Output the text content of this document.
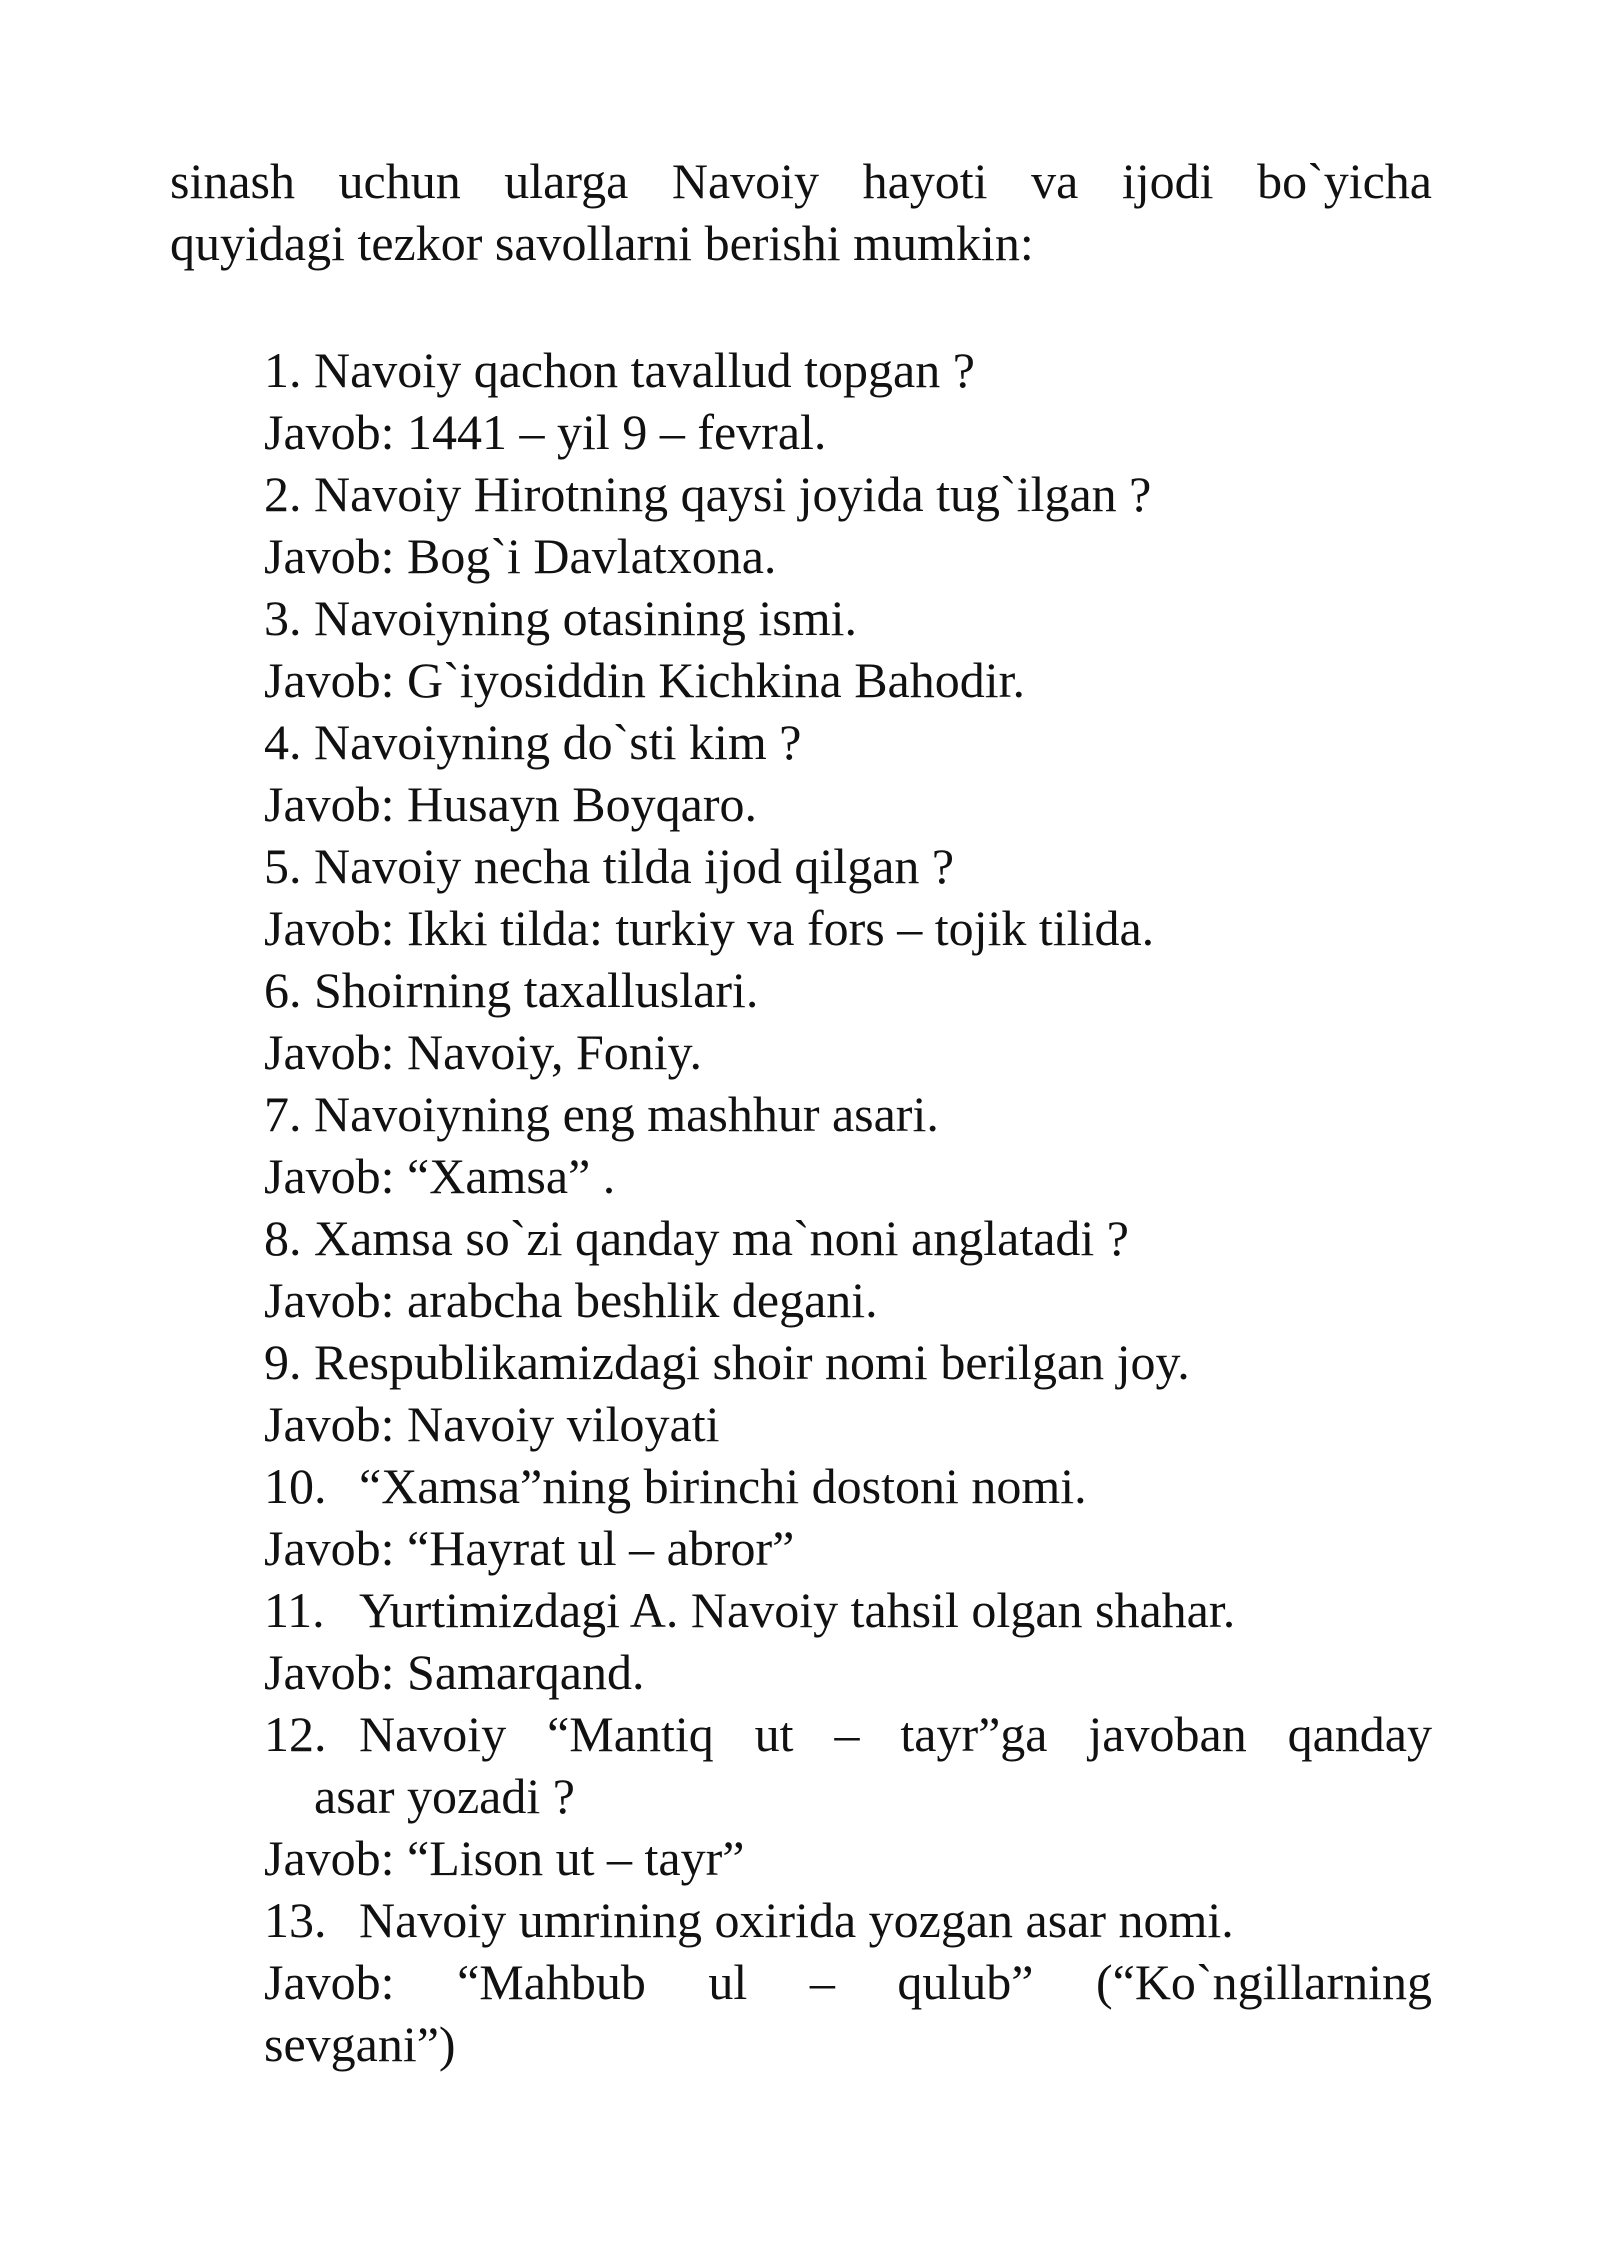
sinash uchun ularga Navoiy hayoti va ijodi bo`yicha
quyidagi tezkor savollarni berishi mumkin:

1. Navoiy qachon tavallud topgan ?
Javob: 1441 – yil 9 – fevral.
2. Navoiy Hirotning qaysi joyida tug`ilgan ?
Javob: Bog`i Davlatxona.
3. Navoiyning otasining ismi.
Javob: G`iyosiddin Kichkina Bahodir.
4. Navoiyning do`sti kim ?
Javob: Husayn Boyqaro.
5. Navoiy necha tilda ijod qilgan ?
Javob: Ikki tilda: turkiy va fors – tojik tilida.
6. Shoirning taxalluslari.
Javob: Navoiy, Foniy.
7. Navoiyning eng mashhur asari.
Javob: “Xamsa” .
8. Xamsa so`zi qanday ma`noni anglatadi ?
Javob: arabcha beshlik degani.
9. Respublikamizdagi shoir nomi berilgan joy.
Javob: Navoiy viloyati
10. “Xamsa”ning birinchi dostoni nomi.
Javob: “Hayrat ul – abror”
11. Yurtimizdagi A. Navoiy tahsil olgan shahar.
Javob: Samarqand.
12. Navoiy “Mantiq ut – tayr”ga javoban qanday
asar yozadi ?
Javob: “Lison ut – tayr”
13. Navoiy umrining oxirida yozgan asar nomi.
Javob: “Mahbub ul – qulub” (“Ko`ngillarning
sevgani”)
